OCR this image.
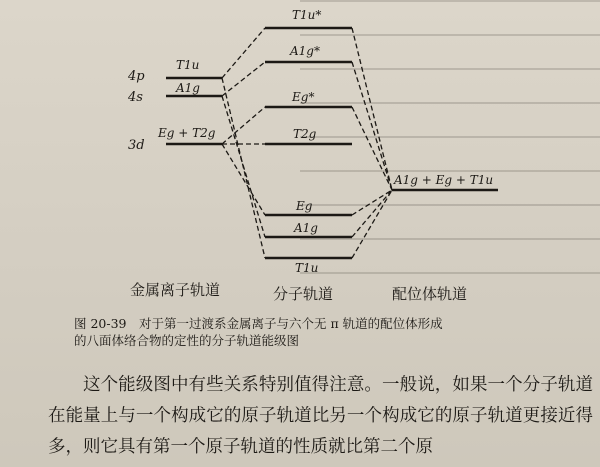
4p
4s
3d
T1u
A1g
Eg + T2g
T1u*
A1g*
Eg*
T2g
Eg
A1g
T1u
A1g + Eg + T1u
金属离子轨道	分子轨道	配位体轨道
图 20-39  对于第一过渡系金属离子与六个无 π 轨道的配位体形成
的八面体络合物的定性的分子轨道能级图

这个能级图中有些关系特别值得注意。一般说，如果一个分子轨道在能量上与一个构成它的原子轨道比另一个构成它的原子轨道更接近得多，则它具有第一个原子轨道的性质就比第二个原
